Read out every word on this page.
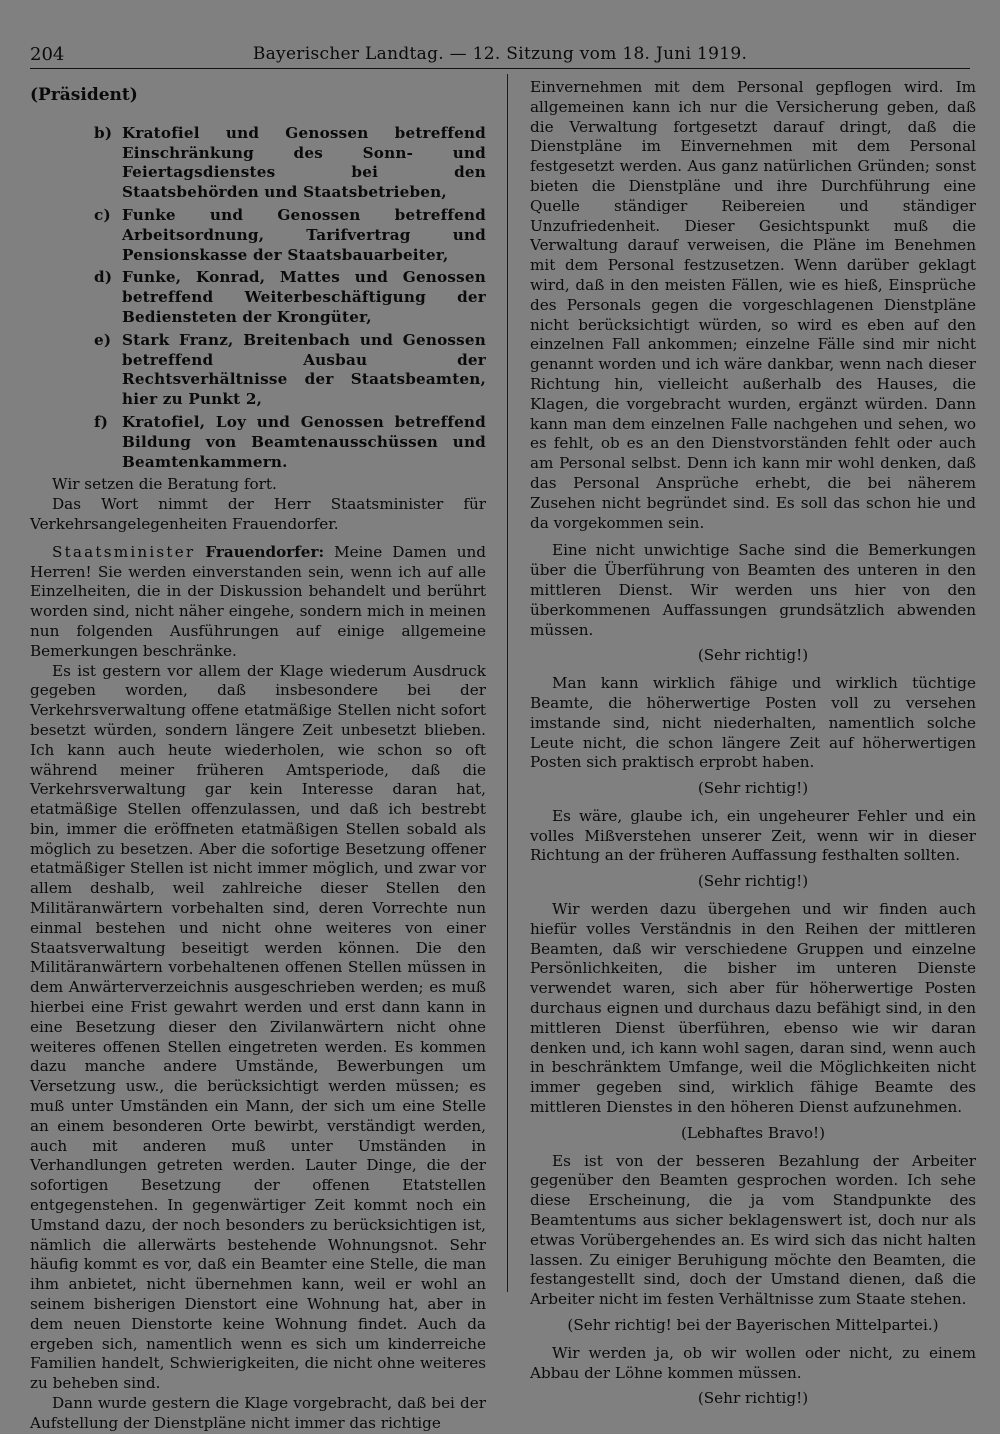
204	Bayerischer Landtag. — 12. Sitzung vom 18. Juni 1919.
(Präsident)

b) Kratofiel und Genossen betreffend Einschränkung des Sonn- und Feiertagsdienstes bei den Staatsbehörden und Staatsbetrieben,

c) Funke und Genossen betreffend Arbeitsordnung, Tarifvertrag und Pensionskasse der Staatsbauarbeiter,

d) Funke, Konrad, Mattes und Genossen betreffend Weiterbeschäftigung der Bediensteten der Krongüter,

e) Stark Franz, Breitenbach und Genossen betreffend Ausbau der Rechtsverhältnisse der Staatsbeamten, hier zu Punkt 2,

f) Kratofiel, Loy und Genossen betreffend Bildung von Beamtenausschüssen und Beamtenkammern.

Wir setzen die Beratung fort.

Das Wort nimmt der Herr Staatsminister für Verkehrsangelegenheiten Frauendorfer.

Staatsminister Frauendorfer: Meine Damen und Herren! Sie werden einverstanden sein, wenn ich auf alle Einzelheiten, die in der Diskussion behandelt und berührt worden sind, nicht näher eingehe, sondern mich in meinen nun folgenden Ausführungen auf einige allgemeine Bemerkungen beschränke.

Es ist gestern vor allem der Klage wiederum Ausdruck gegeben worden, daß insbesondere bei der Verkehrsverwaltung offene etatmäßige Stellen nicht sofort besetzt würden, sondern längere Zeit unbesetzt blieben. Ich kann auch heute wiederholen, wie schon so oft während meiner früheren Amtsperiode, daß die Verkehrsverwaltung gar kein Interesse daran hat, etatmäßige Stellen offenzulassen, und daß ich bestrebt bin, immer die eröffneten etatmäßigen Stellen sobald als möglich zu besetzen. Aber die sofortige Besetzung offener etatmäßiger Stellen ist nicht immer möglich, und zwar vor allem deshalb, weil zahlreiche dieser Stellen den Militäranwärtern vorbehalten sind, deren Vorrechte nun einmal bestehen und nicht ohne weiteres von einer Staatsverwaltung beseitigt werden können. Die den Militäranwärtern vorbehaltenen offenen Stellen müssen in dem Anwärterverzeichnis ausgeschrieben werden; es muß hierbei eine Frist gewahrt werden und erst dann kann in eine Besetzung dieser den Zivilanwärtern nicht ohne weiteres offenen Stellen eingetreten werden. Es kommen dazu manche andere Umstände, Bewerbungen um Versetzung usw., die berücksichtigt werden müssen; es muß unter Umständen ein Mann, der sich um eine Stelle an einem besonderen Orte bewirbt, verständigt werden, auch mit anderen muß unter Umständen in Verhandlungen getreten werden. Lauter Dinge, die der sofortigen Besetzung der offenen Etatstellen entgegenstehen. In gegenwärtiger Zeit kommt noch ein Umstand dazu, der noch besonders zu berücksichtigen ist, nämlich die allerwärts bestehende Wohnungsnot. Sehr häufig kommt es vor, daß ein Beamter eine Stelle, die man ihm anbietet, nicht übernehmen kann, weil er wohl an seinem bisherigen Dienstort eine Wohnung hat, aber in dem neuen Dienstorte keine Wohnung findet. Auch da ergeben sich, namentlich wenn es sich um kinderreiche Familien handelt, Schwierigkeiten, die nicht ohne weiteres zu beheben sind.

Dann wurde gestern die Klage vorgebracht, daß bei der Aufstellung der Dienstpläne nicht immer das richtige

Einvernehmen mit dem Personal gepflogen wird. Im allgemeinen kann ich nur die Versicherung geben, daß die Verwaltung fortgesetzt darauf dringt, daß die Dienstpläne im Einvernehmen mit dem Personal festgesetzt werden. Aus ganz natürlichen Gründen; sonst bieten die Dienstpläne und ihre Durchführung eine Quelle ständiger Reibereien und ständiger Unzufriedenheit. Dieser Gesichtspunkt muß die Verwaltung darauf verweisen, die Pläne im Benehmen mit dem Personal festzusetzen. Wenn darüber geklagt wird, daß in den meisten Fällen, wie es hieß, Einsprüche des Personals gegen die vorgeschlagenen Dienstpläne nicht berücksichtigt würden, so wird es eben auf den einzelnen Fall ankommen; einzelne Fälle sind mir nicht genannt worden und ich wäre dankbar, wenn nach dieser Richtung hin, vielleicht außerhalb des Hauses, die Klagen, die vorgebracht wurden, ergänzt würden. Dann kann man dem einzelnen Falle nachgehen und sehen, wo es fehlt, ob es an den Dienstvorständen fehlt oder auch am Personal selbst. Denn ich kann mir wohl denken, daß das Personal Ansprüche erhebt, die bei näherem Zusehen nicht begründet sind. Es soll das schon hie und da vorgekommen sein.

Eine nicht unwichtige Sache sind die Bemerkungen über die Überführung von Beamten des unteren in den mittleren Dienst. Wir werden uns hier von den überkommenen Auffassungen grundsätzlich abwenden müssen.

(Sehr richtig!)

Man kann wirklich fähige und wirklich tüchtige Beamte, die höherwertige Posten voll zu versehen imstande sind, nicht niederhalten, namentlich solche Leute nicht, die schon längere Zeit auf höherwertigen Posten sich praktisch erprobt haben.

(Sehr richtig!)

Es wäre, glaube ich, ein ungeheurer Fehler und ein volles Mißverstehen unserer Zeit, wenn wir in dieser Richtung an der früheren Auffassung festhalten sollten.

(Sehr richtig!)

Wir werden dazu übergehen und wir finden auch hiefür volles Verständnis in den Reihen der mittleren Beamten, daß wir verschiedene Gruppen und einzelne Persönlichkeiten, die bisher im unteren Dienste verwendet waren, sich aber für höherwertige Posten durchaus eignen und durchaus dazu befähigt sind, in den mittleren Dienst überführen, ebenso wie wir daran denken und, ich kann wohl sagen, daran sind, wenn auch in beschränktem Umfange, weil die Möglichkeiten nicht immer gegeben sind, wirklich fähige Beamte des mittleren Dienstes in den höheren Dienst aufzunehmen.

(Lebhaftes Bravo!)

Es ist von der besseren Bezahlung der Arbeiter gegenüber den Beamten gesprochen worden. Ich sehe diese Erscheinung, die ja vom Standpunkte des Beamtentums aus sicher beklagenswert ist, doch nur als etwas Vorübergehendes an. Es wird sich das nicht halten lassen. Zu einiger Beruhigung möchte den Beamten, die festangestellt sind, doch der Umstand dienen, daß die Arbeiter nicht im festen Verhältnisse zum Staate stehen.

(Sehr richtig! bei der Bayerischen Mittelpartei.)

Wir werden ja, ob wir wollen oder nicht, zu einem Abbau der Löhne kommen müssen.

(Sehr richtig!)
